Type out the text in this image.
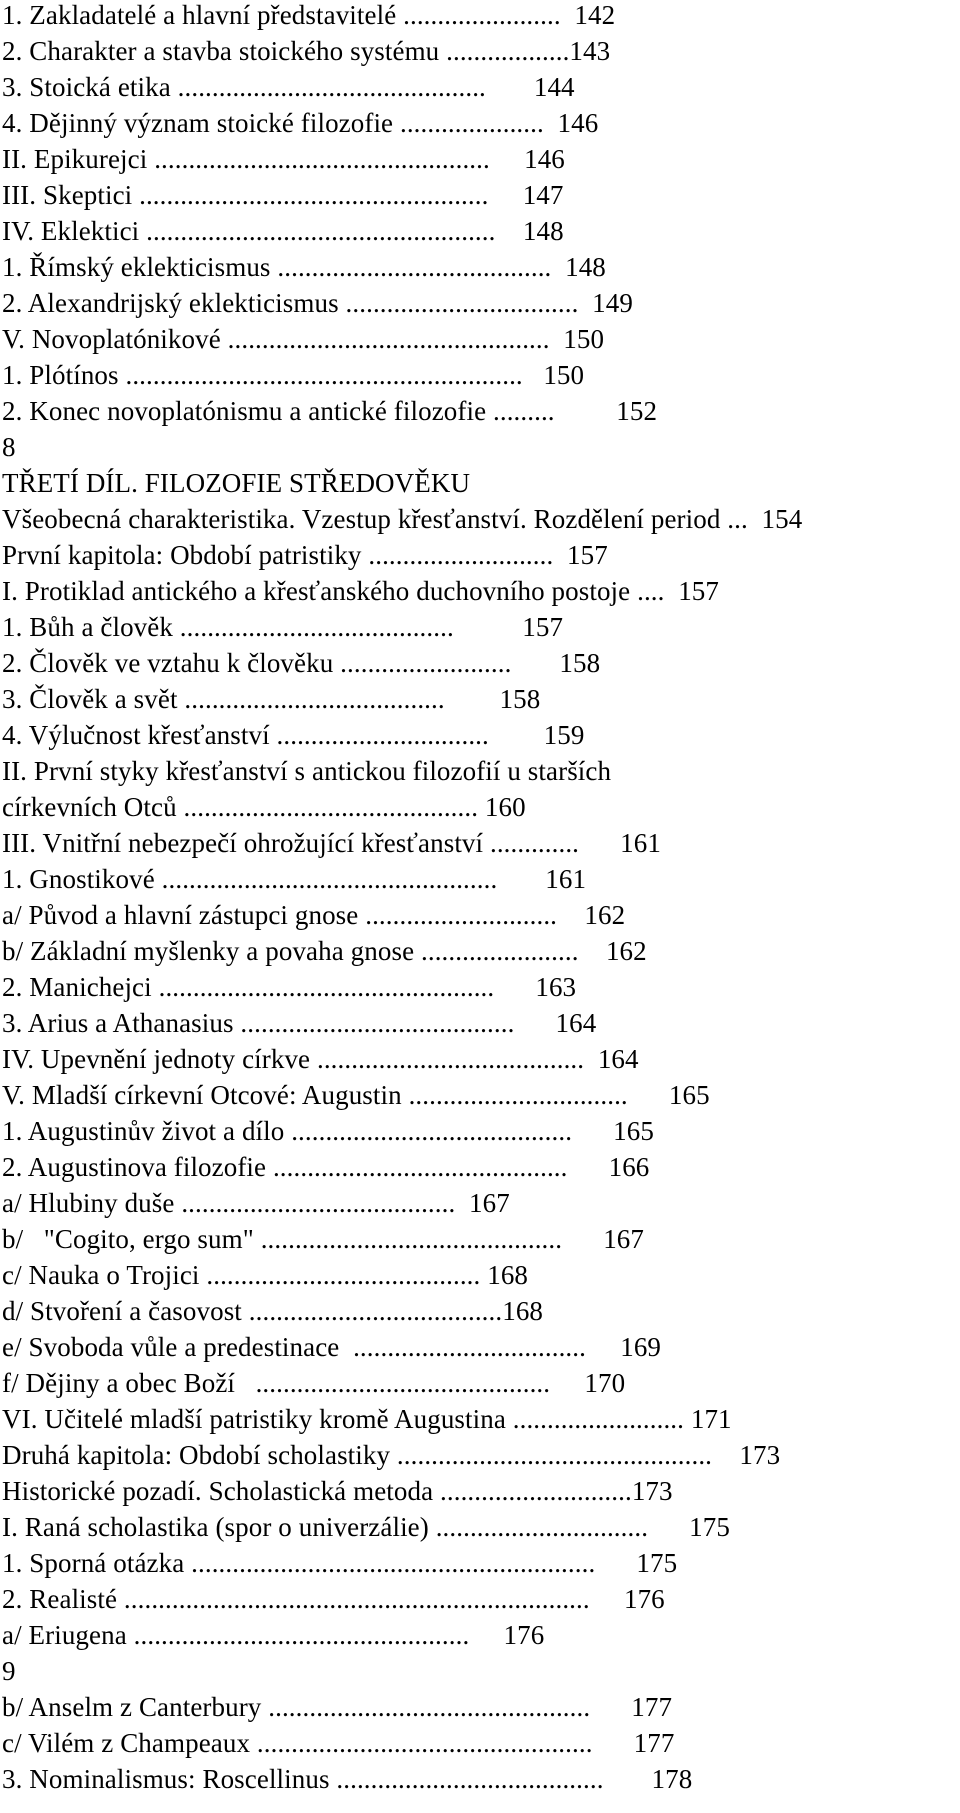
1. Zakladatelé a hlavní představitelé .......................  142
2. Charakter a stavba stoického systému ..................143
3. Stoická etika .............................................       144
4. Dějinný význam stoické filozofie .....................  146
II. Epikurejci .................................................     146
III. Skeptici ...................................................     147
IV. Eklektici ...................................................    148
1. Římský eklekticismus ........................................  148
2. Alexandrijský eklekticismus ..................................  149
V. Novoplatónikové ...............................................  150
1. Plótínos ..........................................................   150
2. Konec novoplatónismu a antické filozofie .........         152
8
TŘETÍ DÍL. FILOZOFIE STŘEDOVĚKU
Všeobecná charakteristika. Vzestup křesťanství. Rozdělení period ...  154
První kapitola: Období patristiky ...........................  157
I. Protiklad antického a křesťanského duchovního postoje ....  157
1. Bůh a člověk ........................................          157
2. Člověk ve vztahu k člověku .........................       158
3. Člověk a svět ......................................        158
4. Výlučnost křesťanství ...............................        159
II. První styky křesťanství s antickou filozofií u starších
církevních Otců ........................................... 160
III. Vnitřní nebezpečí ohrožující křesťanství .............      161
1. Gnostikové .................................................       161
a/ Původ a hlavní zástupci gnose ............................    162
b/ Základní myšlenky a povaha gnose .......................    162
2. Manichejci .................................................      163
3. Arius a Athanasius ........................................      164
IV. Upevnění jednoty církve .......................................  164
V. Mladší církevní Otcové: Augustin ................................      165
1. Augustinův život a dílo .........................................      165
2. Augustinova filozofie ...........................................      166
a/ Hlubiny duše ........................................  167
b/   "Cogito, ergo sum" ............................................      167
c/ Nauka o Trojici ........................................ 168
d/ Stvoření a časovost .....................................168
e/ Svoboda vůle a predestinace  ..................................     169
f/ Dějiny a obec Boží   ...........................................     170
VI. Učitelé mladší patristiky kromě Augustina ......................... 171
Druhá kapitola: Období scholastiky ..............................................    173
Historické pozadí. Scholastická metoda ............................173
I. Raná scholastika (spor o univerzálie) ...............................      175
1. Sporná otázka ...........................................................      175
2. Realisté ....................................................................     176
a/ Eriugena .................................................     176
9
b/ Anselm z Canterbury ...............................................      177
c/ Vilém z Champeaux .................................................      177
3. Nominalismus: Roscellinus .......................................       178
